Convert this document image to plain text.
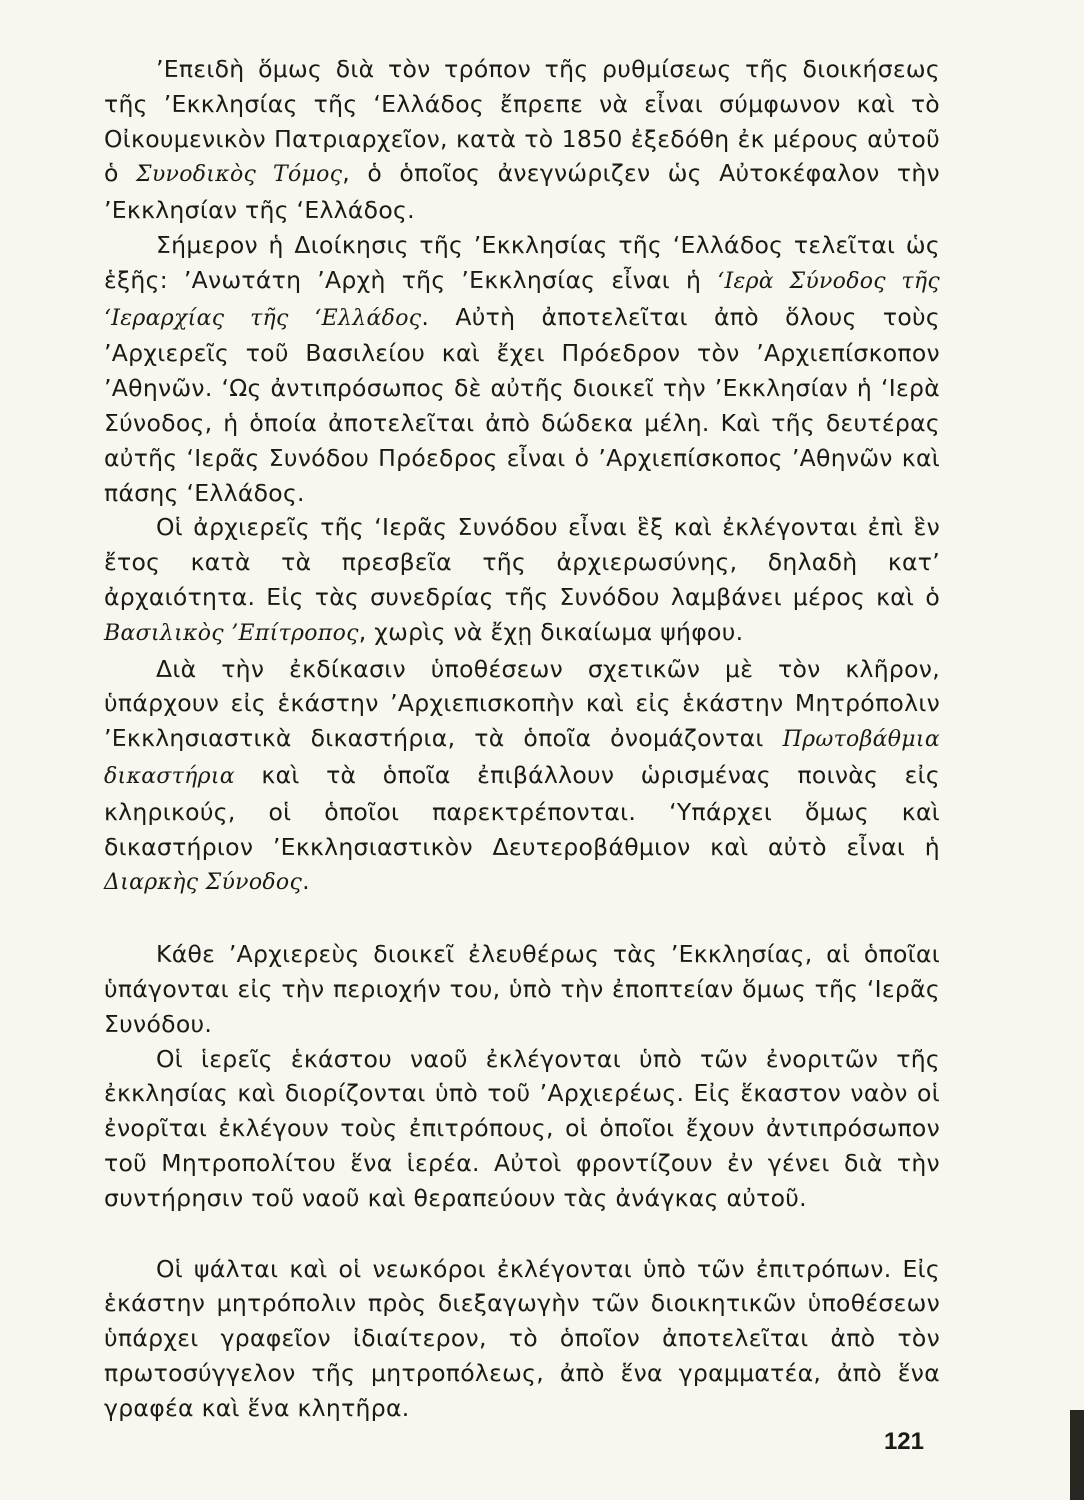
’Επειδὴ ὅμως διὰ τὸν τρόπον τῆς ρυθμίσεως τῆς διοικήσεως τῆς ’Εκκλησίας τῆς ‘Ελλάδος ἔπρεπε νὰ εἶναι σύμφωνον καὶ τὸ Οἰκουμενικὸν Πατριαρχεῖον, κατὰ τὸ 1850 ἐξεδόθη ἐκ μέρους αὐτοῦ ὁ Συνοδικὸς Τόμος, ὁ ὁποῖος ἀνεγνώριζεν ὡς Αὐτοκέφαλον τὴν ’Εκκλησίαν τῆς ‘Ελλάδος.

Σήμερον ἡ Διοίκησις τῆς ’Εκκλησίας τῆς ‘Ελλάδος τελεῖται ὡς ἑξῆς: ’Ανωτάτη ’Αρχὴ τῆς ’Εκκλησίας εἶναι ἡ ‘Ιερὰ Σύνοδος τῆς ‘Ιεραρχίας τῆς ‘Ελλάδος. Αὐτὴ ἀποτελεῖται ἀπὸ ὅλους τοὺς ’Αρχιερεῖς τοῦ Βασιλείου καὶ ἔχει Πρόεδρον τὸν ’Αρχιεπίσκοπον ’Αθηνῶν. ‘Ως ἀντιπρόσωπος δὲ αὐτῆς διοικεῖ τὴν ’Εκκλησίαν ἡ ‘Ιερὰ Σύνοδος, ἡ ὁποία ἀποτελεῖται ἀπὸ δώδεκα μέλη. Καὶ τῆς δευτέρας αὐτῆς ‘Ιερᾶς Συνόδου Πρόεδρος εἶναι ὁ ’Αρχιεπίσκοπος ’Αθηνῶν καὶ πάσης ‘Ελλάδος.

Οἱ ἀρχιερεῖς τῆς ‘Ιερᾶς Συνόδου εἶναι ἓξ καὶ ἐκλέγονται ἐπὶ ἓν ἔτος κατὰ τὰ πρεσβεῖα τῆς ἀρχιερωσύνης, δηλαδὴ κατ’ ἀρχαιότητα. Εἰς τὰς συνεδρίας τῆς Συνόδου λαμβάνει μέρος καὶ ὁ Βασιλικὸς ’Επίτροπος, χωρὶς νὰ ἔχῃ δικαίωμα ψήφου.

Διὰ τὴν ἐκδίκασιν ὑποθέσεων σχετικῶν μὲ τὸν κλῆρον, ὑπάρχουν εἰς ἑκάστην ’Αρχιεπισκοπὴν καὶ εἰς ἑκάστην Μητρόπολιν ’Εκκλησιαστικὰ δικαστήρια, τὰ ὁποῖα ὀνομάζονται Πρωτοβάθμια δικαστήρια καὶ τὰ ὁποῖα ἐπιβάλλουν ὡρισμένας ποινὰς εἰς κληρικούς, οἱ ὁποῖοι παρεκτρέπονται. ‘Υπάρχει ὅμως καὶ δικαστήριον ’Εκκλησιαστικὸν Δευτεροβάθμιον καὶ αὐτὸ εἶναι ἡ Διαρκὴς Σύνοδος.

Κάθε ’Αρχιερεὺς διοικεῖ ἐλευθέρως τὰς ’Εκκλησίας, αἱ ὁποῖαι ὑπάγονται εἰς τὴν περιοχήν του, ὑπὸ τὴν ἐποπτείαν ὅμως τῆς ‘Ιερᾶς Συνόδου.

Οἱ ἱερεῖς ἑκάστου ναοῦ ἐκλέγονται ὑπὸ τῶν ἐνοριτῶν τῆς ἐκκλησίας καὶ διορίζονται ὑπὸ τοῦ ’Αρχιερέως. Εἰς ἕκαστον ναὸν οἱ ἐνορῖται ἐκλέγουν τοὺς ἐπιτρόπους, οἱ ὁποῖοι ἔχουν ἀντιπρόσωπον τοῦ Μητροπολίτου ἕνα ἱερέα. Αὐτοὶ φροντίζουν ἐν γένει διὰ τὴν συντήρησιν τοῦ ναοῦ καὶ θεραπεύουν τὰς ἀνάγκας αὐτοῦ.

Οἱ ψάλται καὶ οἱ νεωκόροι ἐκλέγονται ὑπὸ τῶν ἐπιτρόπων. Εἰς ἑκάστην μητρόπολιν πρὸς διεξαγωγὴν τῶν διοικητικῶν ὑποθέσεων ὑπάρχει γραφεῖον ἰδιαίτερον, τὸ ὁποῖον ἀποτελεῖται ἀπὸ τὸν πρωτοσύγγελον τῆς μητροπόλεως, ἀπὸ ἕνα γραμματέα, ἀπὸ ἕνα γραφέα καὶ ἕνα κλητῆρα.

121
